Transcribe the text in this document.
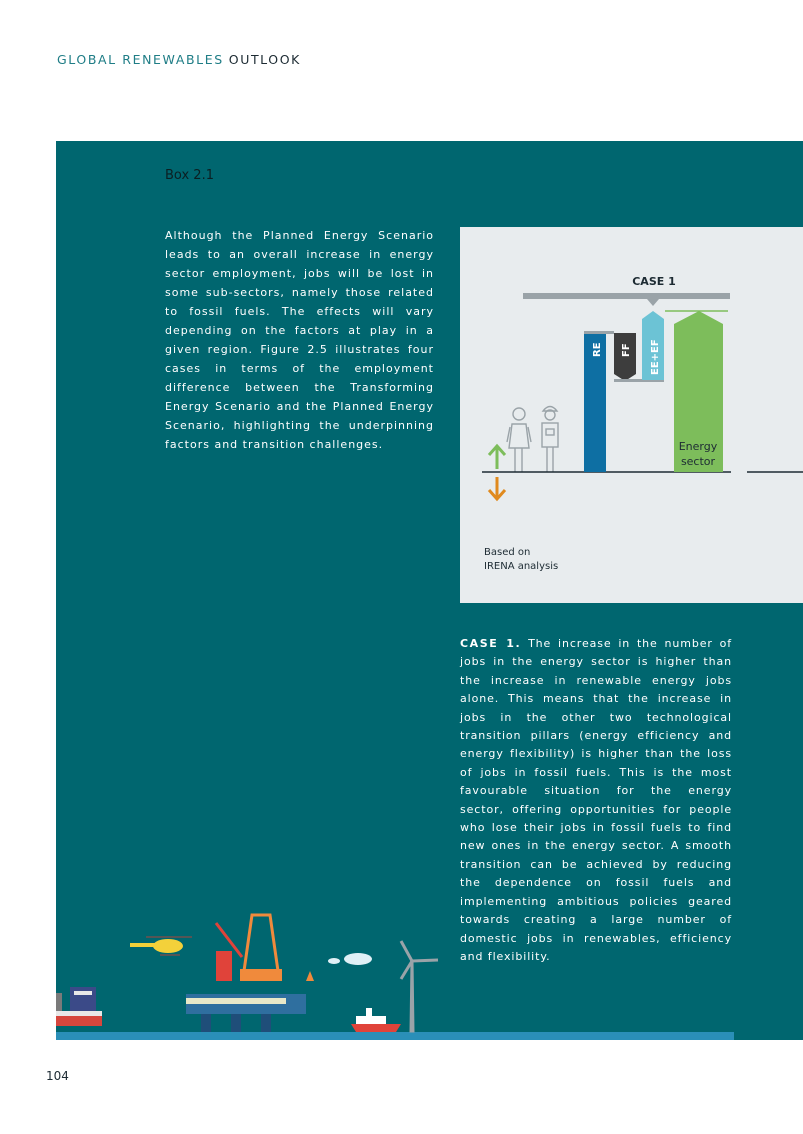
GLOBAL RENEWABLES OUTLOOK
Box 2.1
Although the Planned Energy Scenario leads to an overall increase in energy sector employment, jobs will be lost in some sub-sectors, namely those related to fossil fuels. The effects will vary depending on the factors at play in a given region. Figure 2.5 illustrates four cases in terms of the employment difference between the Transforming Energy Scenario and the Planned Energy Scenario, highlighting the underpinning factors and transition challenges.
CASE 1
RE FF EE+EF
Energy
sector
Based on
IRENA analysis
CASE 1. The increase in the number of jobs in the energy sector is higher than the increase in renewable energy jobs alone. This means that the increase in jobs in the other two technological transition pillars (energy efficiency and energy flexibility) is higher than the loss of jobs in fossil fuels. This is the most favourable situation for the energy sector, offering opportunities for people who lose their jobs in fossil fuels to find new ones in the energy sector. A smooth transition can be achieved by reducing the dependence on fossil fuels and implementing ambitious policies geared towards creating a large number of domestic jobs in renewables, efficiency and flexibility.
104
